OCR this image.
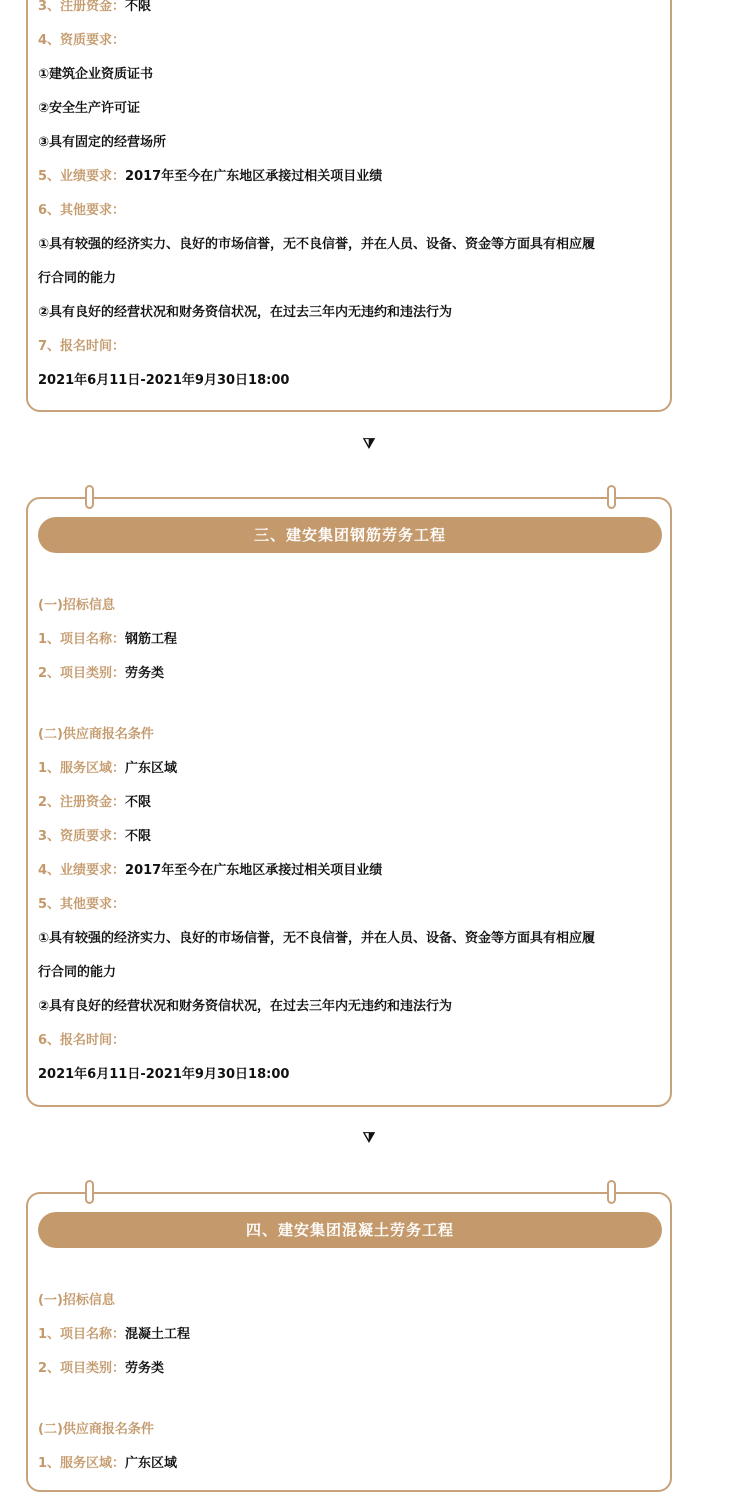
3、注册资金：不限
4、资质要求：
①建筑企业资质证书
②安全生产许可证
③具有固定的经营场所
5、业绩要求：2017年至今在广东地区承接过相关项目业绩
6、其他要求：
①具有较强的经济实力、良好的市场信誉，无不良信誉，并在人员、设备、资金等方面具有相应履
行合同的能力
②具有良好的经营状况和财务资信状况，在过去三年内无违约和违法行为
7、报名时间：
2021年6月11日-2021年9月30日18:00
⧩
三、建安集团钢筋劳务工程
(一)招标信息
1、项目名称：钢筋工程
2、项目类别：劳务类
(二)供应商报名条件
1、服务区域：广东区域
2、注册资金：不限
3、资质要求：不限
4、业绩要求：2017年至今在广东地区承接过相关项目业绩
5、其他要求：
①具有较强的经济实力、良好的市场信誉，无不良信誉，并在人员、设备、资金等方面具有相应履
行合同的能力
②具有良好的经营状况和财务资信状况，在过去三年内无违约和违法行为
6、报名时间：
2021年6月11日-2021年9月30日18:00
⧩
四、建安集团混凝土劳务工程
(一)招标信息
1、项目名称：混凝土工程
2、项目类别：劳务类
(二)供应商报名条件
1、服务区域：广东区域
